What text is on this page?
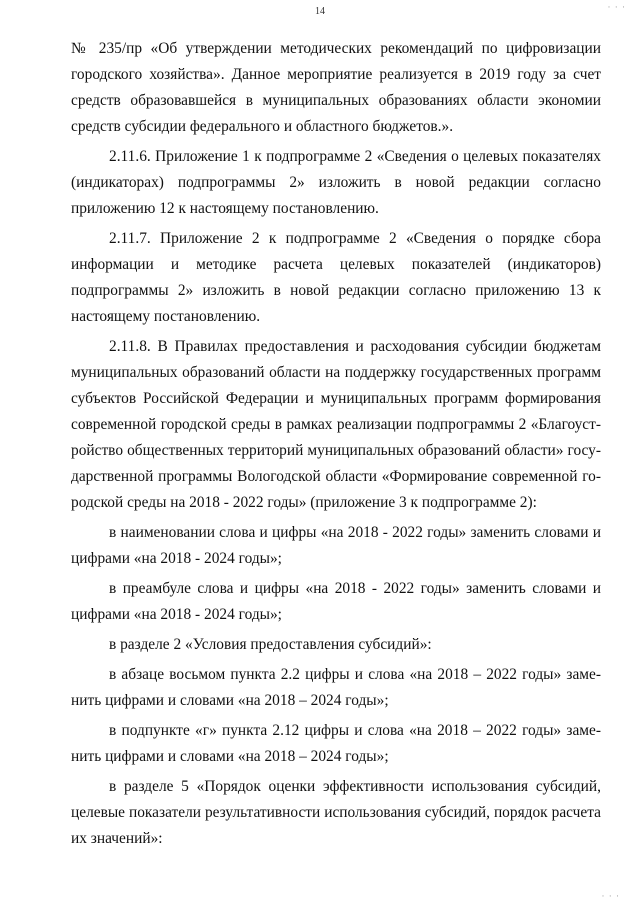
· · ·
14

№ 235/пр «Об утверждении методических рекомендаций по цифровизации городского хозяйства». Данное мероприятие реализуется в 2019 году за счет средств образовавшейся в муниципальных образованиях области экономии средств субсидии федерального и областного бюджетов.».

2.11.6. Приложение 1 к подпрограмме 2 «Сведения о целевых показателях (индикаторах) подпрограммы 2» изложить в новой редакции согласно приложению 12 к настоящему постановлению.

2.11.7. Приложение 2 к подпрограмме 2 «Сведения о порядке сбора информации и методике расчета целевых показателей (индикаторов) подпрограммы 2» изложить в новой редакции согласно приложению 13 к настоящему постановлению.

2.11.8. В Правилах предоставления и расходования субсидии бюджетам муниципальных образований области на поддержку государственных программ субъектов Российской Федерации и муниципальных программ формирования современной городской среды в рамках реализации подпрограммы 2 «Благоустройство общественных территорий муниципальных образований области» государственной программы Вологодской области «Формирование современной городской среды на 2018 - 2022 годы» (приложение 3 к подпрограмме 2):

в наименовании слова и цифры «на 2018 - 2022 годы» заменить словами и цифрами «на 2018 - 2024 годы»;

в преамбуле слова и цифры «на 2018 - 2022 годы» заменить словами и цифрами «на 2018 - 2024 годы»;

в разделе 2 «Условия предоставления субсидий»:

в абзаце восьмом пункта 2.2 цифры и слова «на 2018 – 2022 годы» заменить цифрами и словами «на 2018 – 2024 годы»;

в подпункте «г» пункта 2.12 цифры и слова «на 2018 – 2022 годы» заменить цифрами и словами «на 2018 – 2024 годы»;

в разделе 5 «Порядок оценки эффективности использования субсидий, целевые показатели результативности использования субсидий, порядок расчета их значений»:

· · ·
